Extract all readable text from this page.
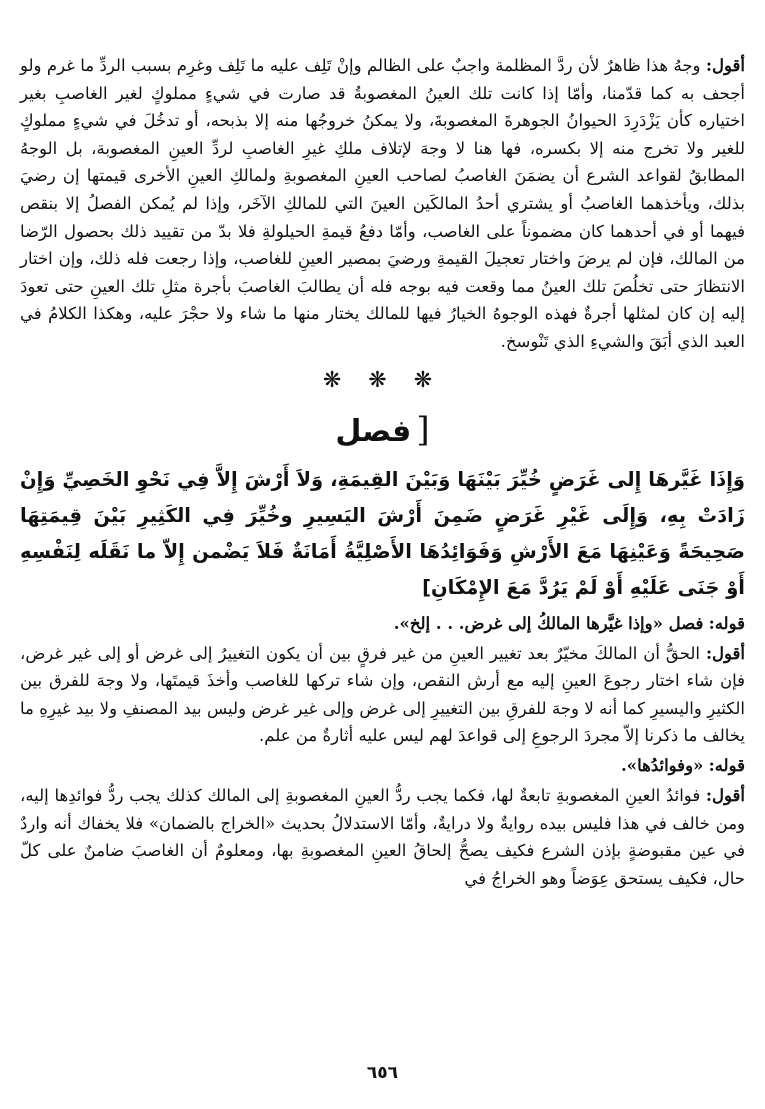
أقول: وجهُ هذا ظاهرٌ لأن ردَّ المظلمة واجبٌ على الظالم وإنْ تَلِف عليه ما تَلِف وغرِم بسبب الردِّ ما غرم ولو أجحف به كما قدّمنا، وأمّا إذا كانت تلك العينُ المغصوبةُ قد صارت في شيءٍ مملوكٍ لغير الغاصبِ بغير اختياره كأن يَزْدَرِدَ الحيوانُ الجوهرةَ المغصوبةَ، ولا يمكنُ خروجُها منه إلا بذبحه، أو تدخُلَ في شيءٍ مملوكٍ للغير ولا تخرج منه إلا بكسره، فها هنا لا وجهَ لإتلاف ملكِ غيرِ الغاصبِ لردِّ العينِ المغصوبة، بل الوجهُ المطابقُ لقواعد الشرع أن يضمَنَ الغاصبُ لصاحب العينِ المغصوبةِ ولمالكِ العينِ الأخرى قيمتها إن رضيَ بذلك، ويأخذهما الغاصبُ أو يشتري أحدُ المالكَين العينَ التي للمالكِ الآخَر، وإذا لم يُمكن الفصلُ إلا بنقص فيهما أو في أحدهما كان مضموناً على الغاصب، وأمّا دفعُ قيمةِ الحيلولةِ فلا بدّ من تقييد ذلك بحصول الرّضا من المالك، فإن لم يرضَ واختار تعجيلَ القيمةِ ورضيَ بمصير العينِ للغاصب، وإذا رجعت فله ذلك، وإن اختار الانتظارَ حتى تخلُصَ تلك العينُ مما وقعت فيه بوجه فله أن يطالبَ الغاصبَ بأجرة مثلِ تلك العينِ حتى تعودَ إليه إن كان لمثلها أجرةٌ فهذه الوجوهُ الخيارُ فيها للمالك يختار منها ما شاء ولا حجْرَ عليه، وهكذا الكلامُ في العبد الذي أبَقَ والشيءِ الذي تَنْوسخ.

❋ ❋ ❋
[ فصل

وَإِذَا غَيَّرهَا إِلى غَرَضٍ خُيِّرَ بَيْنَهَا وَبَيْنَ القِيمَةِ، وَلاَ أَرْشَ إِلاَّ فِي نَحْوِ الخَصِيِّ وَإِنْ زَادَتْ بِهِ، وَإِلَى غَيْرِ غَرَضٍ ضَمِنَ أَرْشَ اليَسِيرِ وخُيِّرَ فِي الكَثِيرِ بَيْنَ قِيمَتِهَا صَحِيحَةً وَعَيْنِهَا مَعَ الأَرْشِ وَفَوَائِدُهَا الأَصْلِيَّةُ أَمَانَةٌ فَلاَ يَضْمن إِلاّ ما نَقَلَه لِنَفْسِهِ أَوْ جَنَى عَلَيْهِ أَوْ لَمْ يَرُدَّ مَعَ الإِمْكَانِ]

قوله: فصل «وإذا غيَّرها المالكُ إلى غرض. . . إلخ».

أقول: الحقُّ أن المالكَ مخيّرٌ بعد تغيير العينِ من غير فرقٍ بين أن يكون التغييرُ إلى غرض أو إلى غير غرض، فإن شاء اختار رجوعَ العينِ إليه مع أرش النقص، وإن شاء تركها للغاصب وأخذَ قيمتَها، ولا وجهَ للفرق بين الكثيرِ واليسيرِ كما أنه لا وجهَ للفرقِ بين التغييرِ إلى غرض وإلى غير غرض وليس بيد المصنفِ ولا بيد غيرِهِ ما يخالف ما ذكرنا إلاّ مجردَ الرجوعِ إلى قواعدَ لهم ليس عليه أثارةٌ من علم.

قوله: «وفوائدُها».

أقول: فوائدُ العينِ المغصوبةِ تابعةٌ لها، فكما يجب ردُّ العينِ المغصوبةِ إلى المالك كذلك يجب ردُّ فوائدِها إليه، ومن خالف في هذا فليس بيده روايةٌ ولا درايةٌ، وأمّا الاستدلالُ بحديث «الخراج بالضمان» فلا يخفاك أنه واردٌ في عين مقبوضةٍ بإذن الشرع فكيف يصحُّ إلحاقُ العينِ المغصوبةِ بها، ومعلومٌ أن الغاصبَ ضامنٌ على كلّ حال، فكيف يستحق عِوَضاً وهو الخراجُ في

٦٥٦
